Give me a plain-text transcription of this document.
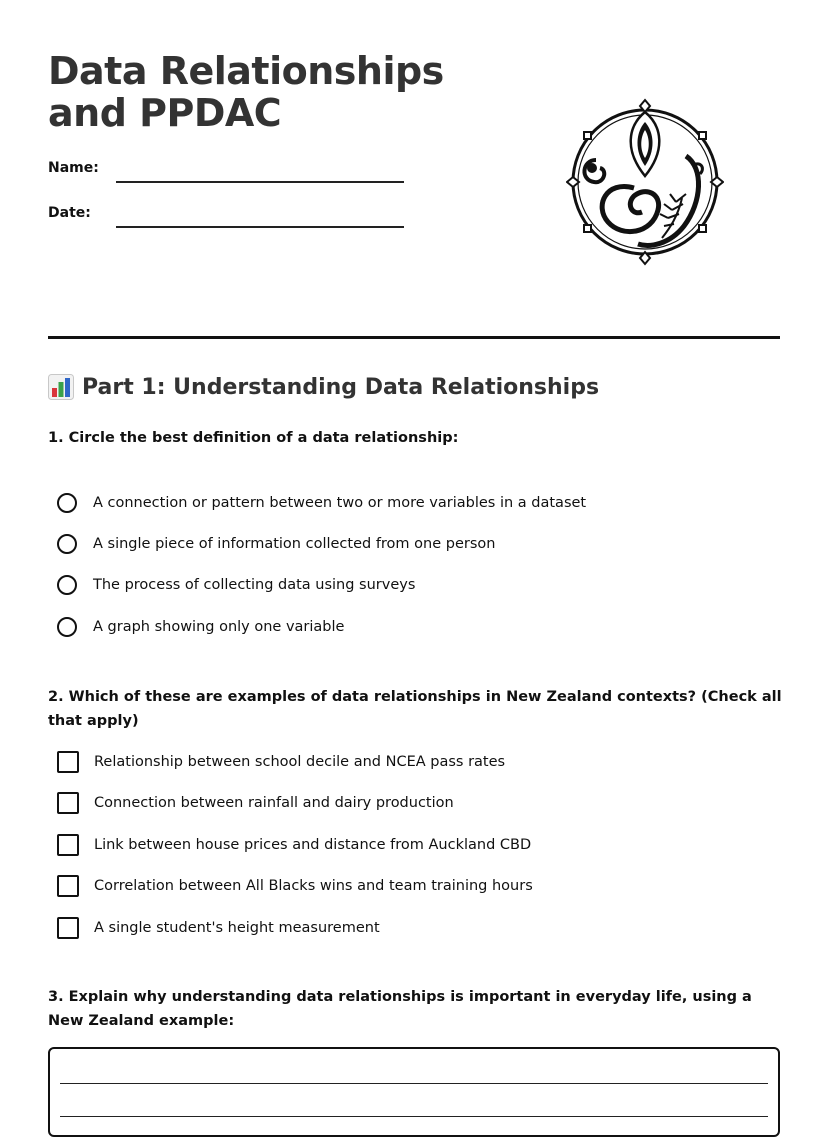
Data Relationships and PPDAC
Name:
Date:
Part 1: Understanding Data Relationships

1. Circle the best definition of a data relationship:

A connection or pattern between two or more variables in a dataset
A single piece of information collected from one person
The process of collecting data using surveys
A graph showing only one variable

2. Which of these are examples of data relationships in New Zealand contexts? (Check all that apply)

Relationship between school decile and NCEA pass rates
Connection between rainfall and dairy production
Link between house prices and distance from Auckland CBD
Correlation between All Blacks wins and team training hours
A single student's height measurement

3. Explain why understanding data relationships is important in everyday life, using a New Zealand example:
